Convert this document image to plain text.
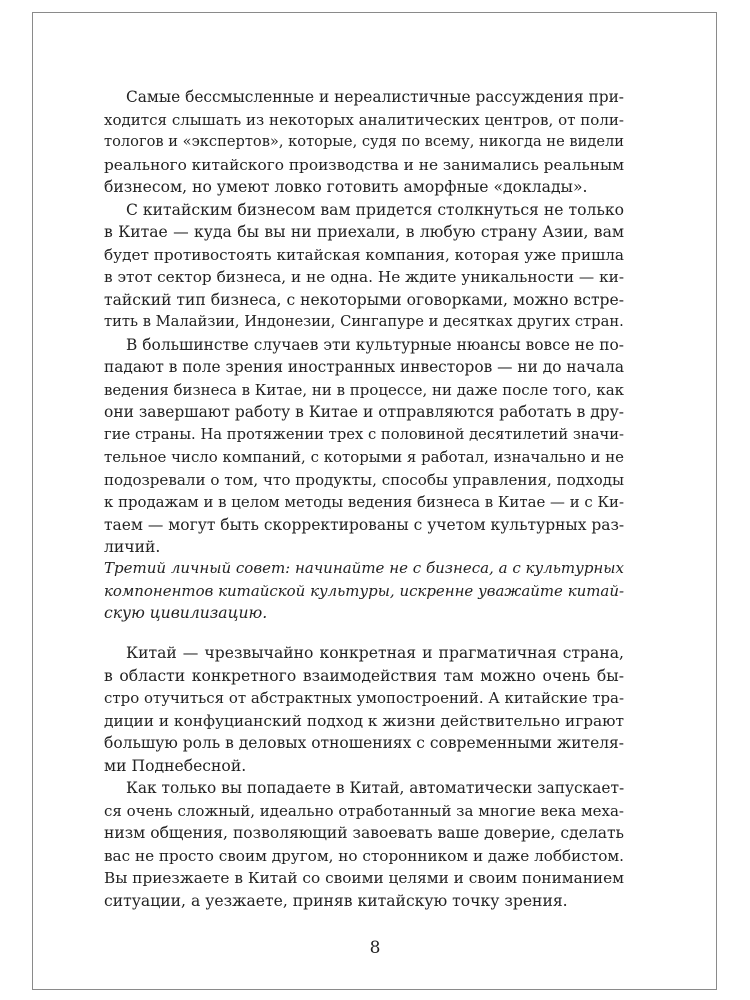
Самые бессмысленные и нереалистичные рассуждения при-
ходится слышать из некоторых аналитических центров, от поли-
тологов и «экспертов», которые, судя по всему, никогда не видели
реального китайского производства и не занимались реальным
бизнесом, но умеют ловко готовить аморфные «доклады».
С китайским бизнесом вам придется столкнуться не только
в Китае — куда бы вы ни приехали, в любую страну Азии, вам
будет противостоять китайская компания, которая уже пришла
в этот сектор бизнеса, и не одна. Не ждите уникальности — ки-
тайский тип бизнеса, с некоторыми оговорками, можно встре-
тить в Малайзии, Индонезии, Сингапуре и десятках других стран.
В большинстве случаев эти культурные нюансы вовсе не по-
падают в поле зрения иностранных инвесторов — ни до начала
ведения бизнеса в Китае, ни в процессе, ни даже после того, как
они завершают работу в Китае и отправляются работать в дру-
гие страны. На протяжении трех с половиной десятилетий значи-
тельное число компаний, с которыми я работал, изначально и не
подозревали о том, что продукты, способы управления, подходы
к продажам и в целом методы ведения бизнеса в Китае — и с Ки-
таем — могут быть скорректированы с учетом культурных раз-
личий.
Третий личный совет: начинайте не с бизнеса, а с культурных
компонентов китайской культуры, искренне уважайте китай-
скую цивилизацию.
Китай — чрезвычайно конкретная и прагматичная страна,
в области конкретного взаимодействия там можно очень бы-
стро отучиться от абстрактных умопостроений. А китайские тра-
диции и конфуцианский подход к жизни действительно играют
большую роль в деловых отношениях с современными жителя-
ми Поднебесной.
Как только вы попадаете в Китай, автоматически запускает-
ся очень сложный, идеально отработанный за многие века меха-
низм общения, позволяющий завоевать ваше доверие, сделать
вас не просто своим другом, но сторонником и даже лоббистом.
Вы приезжаете в Китай со своими целями и своим пониманием
ситуации, а уезжаете, приняв китайскую точку зрения.
8
